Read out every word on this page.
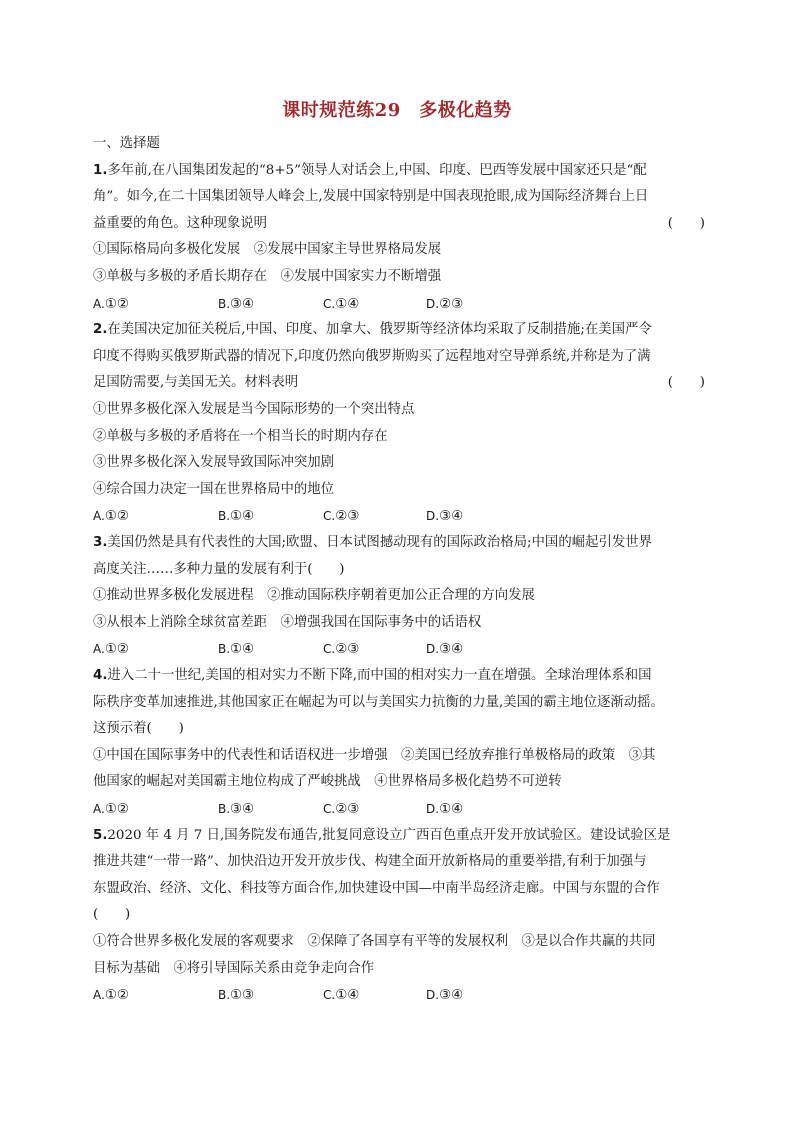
课时规范练29　多极化趋势
一、选择题
1.多年前,在八国集团发起的“8+5”领导人对话会上,中国、印度、巴西等发展中国家还只是“配
角”。如今,在二十国集团领导人峰会上,发展中国家特别是中国表现抢眼,成为国际经济舞台上日
益重要的角色。这种现象说明	(　　)
①国际格局向多极化发展　②发展中国家主导世界格局发展
③单极与多极的矛盾长期存在　④发展中国家实力不断增强
A.①②	B.③④	C.①④	D.②③
2.在美国决定加征关税后,中国、印度、加拿大、俄罗斯等经济体均采取了反制措施;在美国严令
印度不得购买俄罗斯武器的情况下,印度仍然向俄罗斯购买了远程地对空导弹系统,并称是为了满
足国防需要,与美国无关。材料表明	(　　)
①世界多极化深入发展是当今国际形势的一个突出特点
②单极与多极的矛盾将在一个相当长的时期内存在
③世界多极化深入发展导致国际冲突加剧
④综合国力决定一国在世界格局中的地位
A.①②	B.①④	C.②③	D.③④
3.美国仍然是具有代表性的大国;欧盟、日本试图撼动现有的国际政治格局;中国的崛起引发世界
高度关注……多种力量的发展有利于(　　)
①推动世界多极化发展进程　②推动国际秩序朝着更加公正合理的方向发展
③从根本上消除全球贫富差距　④增强我国在国际事务中的话语权
A.①②	B.①④	C.②③	D.③④
4.进入二十一世纪,美国的相对实力不断下降,而中国的相对实力一直在增强。全球治理体系和国
际秩序变革加速推进,其他国家正在崛起为可以与美国实力抗衡的力量,美国的霸主地位逐渐动摇。
这预示着(　　)
①中国在国际事务中的代表性和话语权进一步增强　②美国已经放弃推行单极格局的政策　③其
他国家的崛起对美国霸主地位构成了严峻挑战　④世界格局多极化趋势不可逆转
A.①②	B.③④	C.②③	D.①④
5.2020 年 4 月 7 日,国务院发布通告,批复同意设立广西百色重点开发开放试验区。建设试验区是
推进共建“一带一路”、加快沿边开发开放步伐、构建全面开放新格局的重要举措,有利于加强与
东盟政治、经济、文化、科技等方面合作,加快建设中国—中南半岛经济走廊。中国与东盟的合作
(　　)
①符合世界多极化发展的客观要求　②保障了各国享有平等的发展权利　③是以合作共赢的共同
目标为基础　④将引导国际关系由竞争走向合作
A.①②	B.①③	C.①④	D.③④
